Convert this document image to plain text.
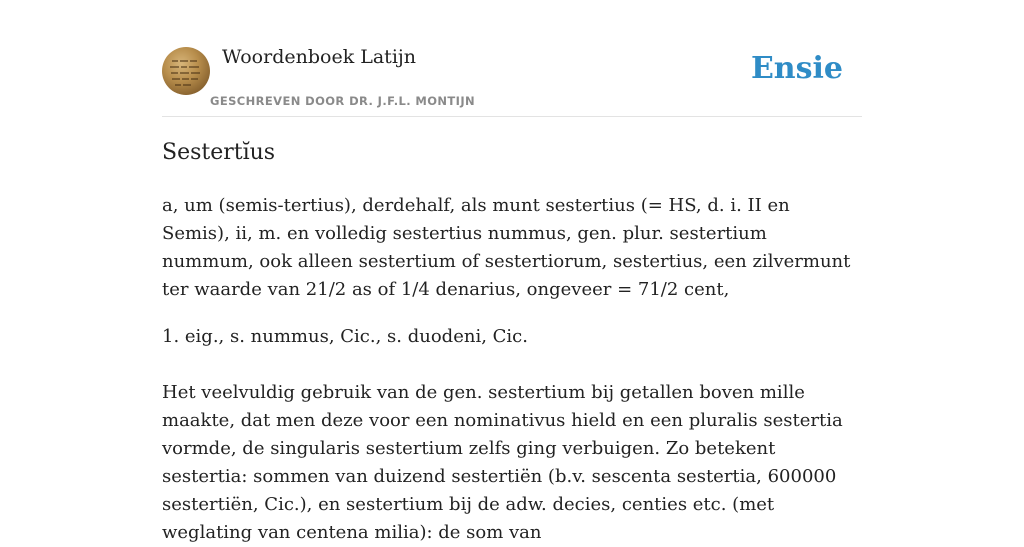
Woordenboek Latijn
GESCHREVEN DOOR DR. J.F.L. MONTIJN
Ensie
Sestertĭus

a, um (semis-tertius), derdehalf, als munt sestertius (= HS, d. i. II en Semis), ii, m. en volledig sestertius nummus, gen. plur. sestertium nummum, ook alleen sestertium of sestertiorum, sestertius, een zilvermunt ter waarde van 21/2 as of 1/4 denarius, ongeveer = 71/2 cent,

1. eig., s. nummus, Cic., s. duodeni, Cic.

Het veelvuldig gebruik van de gen. sestertium bij getallen boven mille maakte, dat men deze voor een nominativus hield en een pluralis sestertia vormde, de singularis sestertium zelfs ging verbuigen. Zo betekent sestertia: sommen van duizend sestertiën (b.v. sescenta sestertia, 600000 sestertiën, Cic.), en sestertium bij de adw. decies, centies etc. (met weglating van centena milia): de som van
